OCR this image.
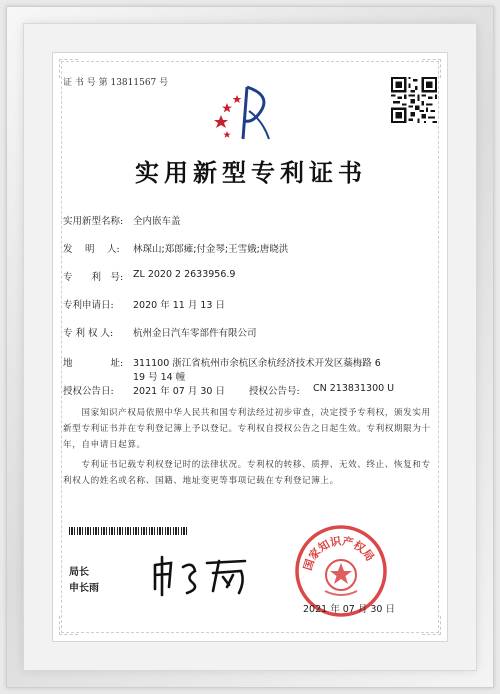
证 书 号 第 13811567 号
实用新型专利证书
实用新型名称: 全内嵌车盖
发　 明　 人: 林琛山;郑郎瘫;付金琴;王雪娥;唐晓洪
专　　利　号: ZL 2020 2 2633956.9
专利申请日: 2020 年 11 月 13 日
专 利 权 人: 杭州金日汽车零部件有限公司
地　　　　址: 311100 浙江省杭州市余杭区余杭经济技术开发区蘂梅路 6
19 号 14 幢
授权公告日: 2021 年 07 月 30 日	授权公告号: CN 213831300 U
　　国家知识产权局依照中华人民共和国专利法经过初步审查，决定授予专利权，颁发实用新型专利证书并在专利登记簿上予以登记。专利权自授权公告之日起生效。专利权期限为十年，自申请日起算。
　　专利证书记载专利权登记时的法律状况。专利权的转移、质押、无效、终止、恢复和专利权人的姓名或名称、国籍、地址变更等事项记载在专利登记簿上。
局长
申长雨
国家知识产权局
2021 年 07 月 30 日
